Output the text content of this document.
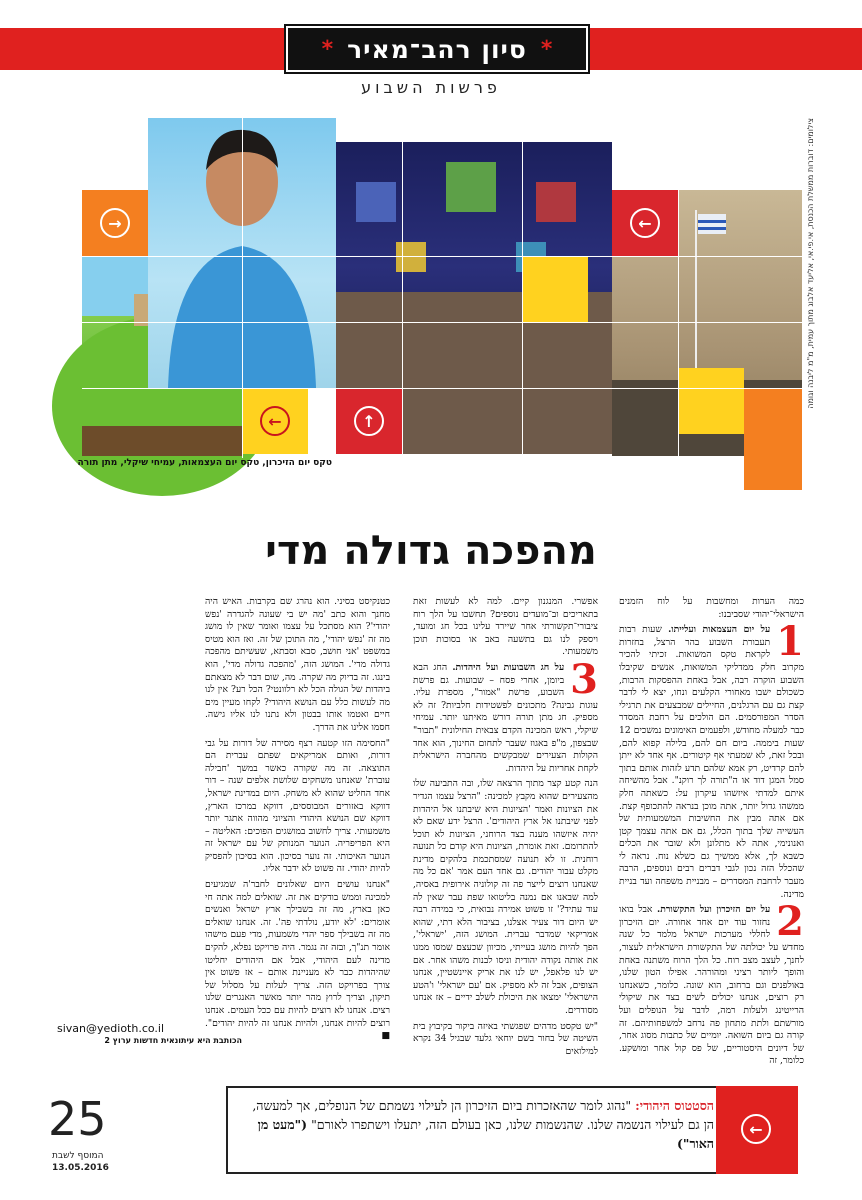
* סיון רהב־מאיר *
פרשות השבוע
→
←	↑
←	צילומים: דוברות ממשלת הכנסת, אי.פי.אי, אליעד אלבוג מתוך עמית, מ"מ ליבנה וגומה
טקס יום הזיכרון, טקס יום העצמאות, עמיחי שיקלי, מתן תורה
מהפכה גדולה מדי

כמה הערות ומחשבות על לוח הזמנים הישראלי־יהודי שסביבנו:

1
על יום העצמאות ועלייתו. שעות רבות תעבורת השבוע בהר הרצל, בחזרות לקראת טקס המשואות. זכיתי להכיר מקרוב חלק ממדליקי המשואות, אנשים שקיבלו השבוע הוקרה רבה, אבל באחת ההפסקות הרבות, כשכולם ישבו מאחורי הקלעים ונחו, יצא לי לדבר קצת גם עם הרגלנים, החיילים שמבצעים את תרגילי הסדר המפורסמים. הם הולכים על רחבת המסדר כבר למעלה מחודש, ולפעמים האימונים נמשכים 12 שעות ביממה. ביום חם להם, בלילה קפוא להם, ובכל זאת, לא שמעתי אף קיטורים. אף אחד לא ייתן להם קרדיט, רק אמא שלהם תדע לזהות אותם בתוך סמל המגן דוד או ה"תורה לך רוקנ". אבל מהשיחה איתם למדתי איזשהו עיקרון על: כשאתה חלק ממשהו גדול יותר, אתה מוכן בנראה להתכופף קצת. אם אתה מבין את החשיבות המשמעותית של העשייה שלך בתוך הכלל, גם אם אתה עצמך קטן ואנונימי, אתה לא מתלונן ולא שובר את הכלים כשבא לך, אלא ממשיך גם כשלא נוח. נראה לי שהכלל הזה נכון לגבי דברים רבים ונוספים, הרבה מעבר לרחבת המסדרים – מבניית משפחה ועד בניית מדינה.

2
על יום הזיכרון ועל התקשורת. אבל בואו נחזור עוד יום אחד אחורה. יום הזיכרון לחללי מערכות ישראל מלמד כל שנה מחדש על יכולתה של התקשורת הישראלית לעצור, לחנך, לעצב מצב רוח. כל הלך הרוח משתנה באחת והופך ליותר רציני ומהורהר. אפילו הטון שלנו, באולפנים וגם ברחוב, הוא שונה. כלומר, כשאנחנו רק רוצים, אנחנו יכולים לשים בצד את שיקולי הרייטינג ולעלות רמה, לדבר על הנופלים ועל מורשתם ולתת מתחון פה נרחב למשפחותיהם. זה קורה גם ביום השואה. יומיים של כתבות מסוג אחר, של דיונים היסטוריים, של פס קול אחר ומושקע. כלומר, זה

אפשרי. המנגנון קיים. למה לא לעשות זאת בתאריכים וב־מועדים נוספים? תחשבו על הלך רוח ציבורי־תקשורתי אחר שיירד עלינו בכל חג ומועד, ויספק לנו גם בתשעה באב או בסוכות תוכן משמעותי.

3
על חג השבועות ועל היהדות. החג הבא ביומן, אחרי פסח – שבועות. גם פרשת השבוע, פרשת "אמור", מספרת עליו. עוגות גבינה? מתכונים לפשטידות חלביות? זה לא מספיק. חג מתן תורה דורש מאיתנו יותר. עמיחי שיקלי, ראש המכינה הקדם צבאית החילונית "תבור" שבצפון, מ"פ באגוז שעבר לתחום החינוך, הוא אחד הקולות הצעירים שמבקשים מהחברה הישראלית לקחת אחריות על היהדות.

הנה קטע קצר מתוך הרצאה שלו, ובה התביעה שלו מהצעירים שהוא מקבץ למכינה: "הרצל עצמו הגדיר את הציונות ואמר 'הציונות היא שיבתנו אל היהדות לפני שיבתנו אל ארץ היהודים'. הרצל ידע שאם לא יהיה איזשהו מענה בצד הרוחני, הציונות לא תוכל להתרומם. זאת אומרת, הציונות היא קודם כל תנועה רוחנית. זו לא תנועה שמסתכמת בלהקים מדינת מקלט עבור יהודים. גם אחד העם אמר 'אם כל מה שאנחנו רוצים לייצר פה זה קולוניה אירופית באסיה, למה שבאנו אם נמנה בליטואו שפת עבר שאין לה עוד עתיד?' זו פשוט אמירה נבואית, כי במידה רבה יש היום דור צעיר אצלנו, בציבור הלא דתי, שהוא אמריקאי שמדבר עברית. המושג הזה, 'ישראלי', הפך להיות מושג בעייתי, מכיוון שכעצם שמסו ממנו את אותה נקודה יהודית וניסו לבנות משהו אחר. אם יש לנו פלאפל, יש לנו את אריק איינשטיין, אנחנו הצופים, אבל זה לא מספיק. אם 'עם ישראלי' ו'הטע הישראלי' ימצאו את היכולת לשלב ידיים – אז אנחנו מסודרים.

"יש טקסט מדהים שפגשתי באיזה ביקור בקיבוץ בית השיטה של בחור בשם יוחאי גלעד שבגיל 34 נקרא למילואים

כטנקיסט בסיני. הוא נהרג שם בקרבות. האיש היה מחנך והוא כתב 'מה יש בי שעונה להגדרה 'נפש יהודי'? הוא מסתכל על עצמו ואומר שאין לו מושג מה זה 'נפש יהודי', מה התוכן של זה. ואז הוא מטיס במשפט 'אני חושב, סבא וסבתא, שעשיתם מהפכה גדולה מדי'. המושג הזה, 'מהפכה גדולה מדי', הוא בינגו. זה בדיוק מה שקרה. מה, שום דבר לא מצאתם ביהדות של הגולה הכל לא רלוונטי? הכל רע? אין לנו מה לעשות כלל עם הנושא היהודי? לקחו מעיין מים חיים ואטמו אותו בבטון ולא נתנו לנו אליו גישה. חסמו אלינו את הדרך.

"החסימה הזו קטעה רצף מסירה של דורות על גבי דורות, ואותם אמריקאים שפתם עברית הם התוצאה. זה מה שקורה כאשר במשך 'חבילה עוברת' שאנחנו משחקים שלושת אלפים שנה – דור אחד החליט שהוא לא משחק. היום במדינת ישראל, דווקא באזורים המבוססים, דווקא במרכז הארץ, דווקא שם הנושא היהודי והציוני מהווה אתגר יותר משמעותי. צריך לחשוב במושגים הפוכים: האליטה – היא הפריפריה. הנוער המנותק של עם ישראל זה הנוער האיכותי. זה נוער בסיכון. הוא בסיכון להפסיק להיות יהודי. זה פשוט לא ידבר אליו.

"אנחנו עושים היום שאלונים לחבר'ה שמגיעים למכינה וממש בודקים את זה. שואלים למה אתה חי כאן בארץ, מה זה בשבילך ארץ ישראל ואנשים אומרים: 'לא יודע, נולדתי פה'. זה. אנחנו שואלים מה זה בשבילך ספר יהדי משמעות, מדי פעם מישהו אומר תנ"ך, ובזה זה נגמר. היה פרויקט נפלא, להקים מדינה לעם היהודי, אבל אם היהודים יחליטו שהיהדות כבר לא מעניינת אותם – אז פשוט אין צורך בפרויקט הזה. צריך לעלות על מסלול של תיקון, וצריך לרוץ מהר יותר מאשר האנגרים שלנו רצים. אנחנו לא רוצים להיות עם ככל העמים. אנחנו רוצים להיות אנחנו, ולהיות אנחנו זה להיות יהודים". ■

sivan@yedioth.co.il
הכותבת היא עיתונאית חדשות ערוץ 2
הסטטוס היהודי: "נהוג לומר שהאזכרות ביום הזיכרון הן לעילוי נשמתם של הנופלים, אך למעשה, הן גם לעילוי הנשמה שלנו. שהנשמות שלנו, כאן בעולם הזה, יתעלו וישתפרו לאורם" ("מעט מן האור")
←
25
המוסף לשבת
13.05.2016
